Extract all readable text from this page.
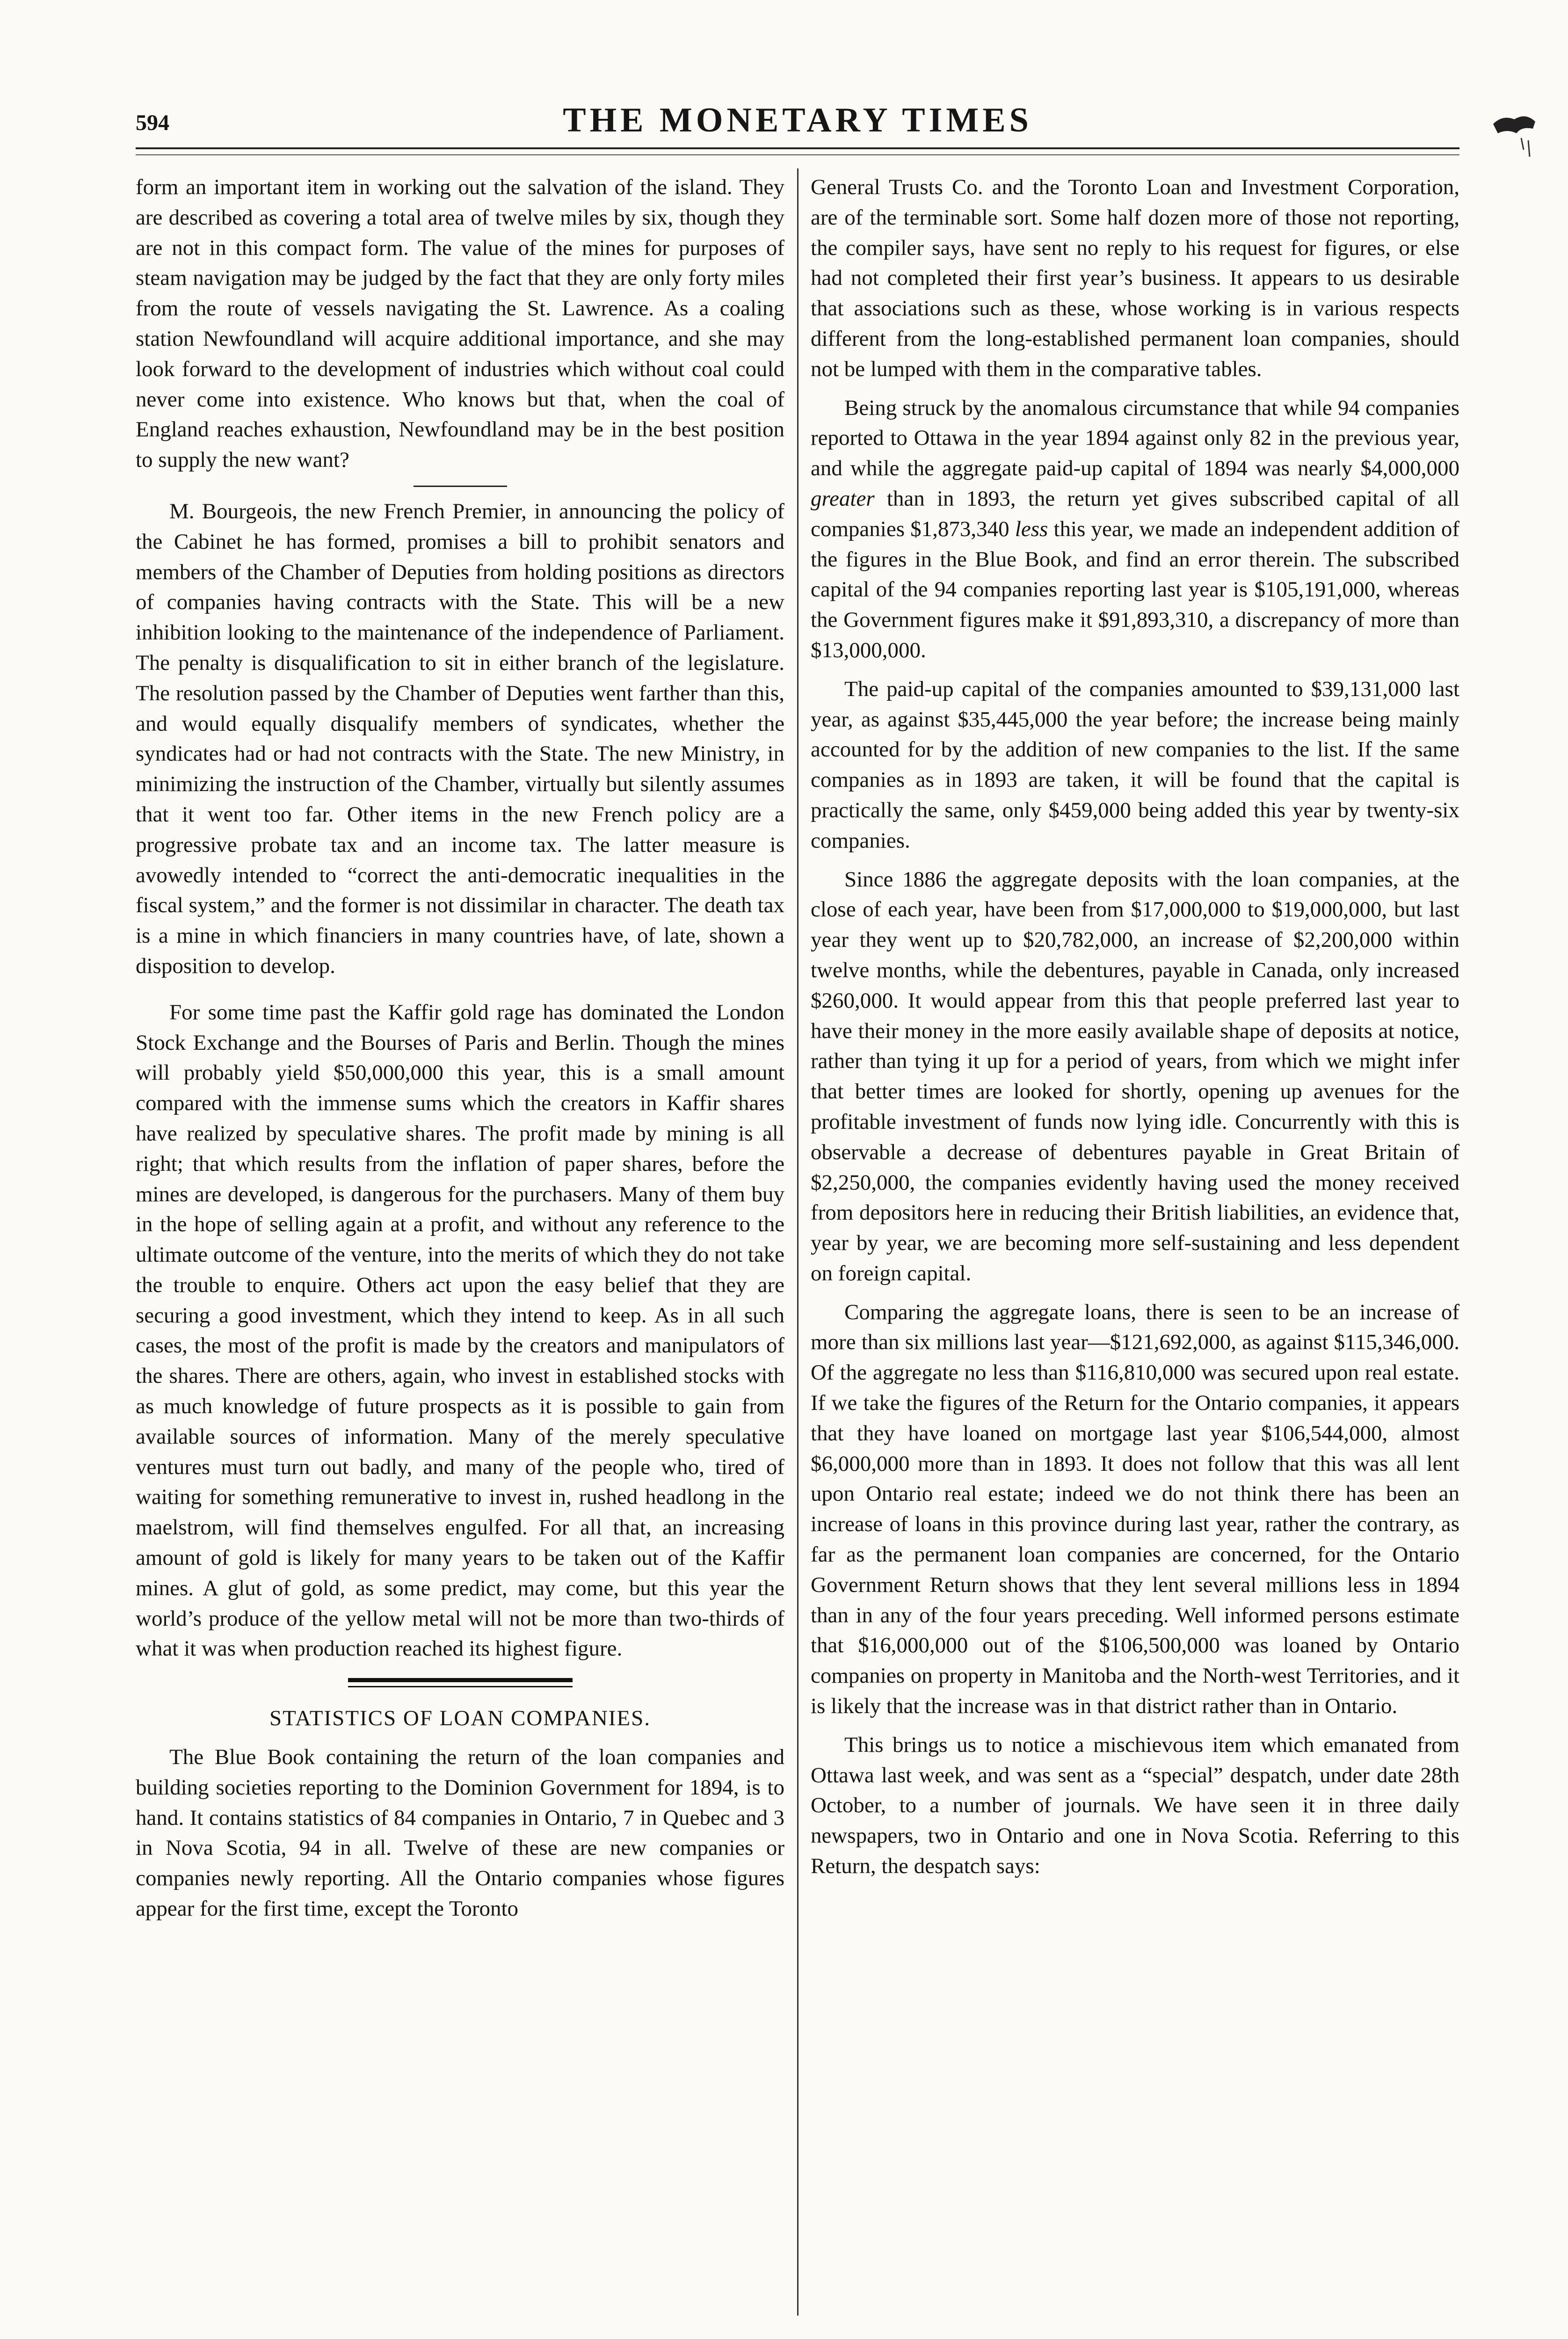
594	THE MONETARY TIMES

form an important item in working out the salvation of the island. They are described as covering a total area of twelve miles by six, though they are not in this compact form. The value of the mines for purposes of steam navigation may be judged by the fact that they are only forty miles from the route of vessels navigating the St. Lawrence. As a coaling station Newfoundland will acquire additional importance, and she may look forward to the development of industries which without coal could never come into existence. Who knows but that, when the coal of England reaches exhaustion, Newfoundland may be in the best position to supply the new want?

M. Bourgeois, the new French Premier, in announcing the policy of the Cabinet he has formed, promises a bill to prohibit senators and members of the Chamber of Deputies from holding positions as directors of companies having contracts with the State. This will be a new inhibition looking to the maintenance of the independence of Parliament. The penalty is disqualification to sit in either branch of the legislature. The resolution passed by the Chamber of Deputies went farther than this, and would equally disqualify members of syndicates, whether the syndicates had or had not contracts with the State. The new Ministry, in minimizing the instruction of the Chamber, virtually but silently assumes that it went too far. Other items in the new French policy are a progressive probate tax and an income tax. The latter measure is avowedly intended to “correct the anti-democratic inequalities in the fiscal system,” and the former is not dissimilar in character. The death tax is a mine in which financiers in many countries have, of late, shown a disposition to develop.

For some time past the Kaffir gold rage has dominated the London Stock Exchange and the Bourses of Paris and Berlin. Though the mines will probably yield $50,000,000 this year, this is a small amount compared with the immense sums which the creators in Kaffir shares have realized by speculative shares. The profit made by mining is all right; that which results from the inflation of paper shares, before the mines are developed, is dangerous for the purchasers. Many of them buy in the hope of selling again at a profit, and without any reference to the ultimate outcome of the venture, into the merits of which they do not take the trouble to enquire. Others act upon the easy belief that they are securing a good investment, which they intend to keep. As in all such cases, the most of the profit is made by the creators and manipulators of the shares. There are others, again, who invest in established stocks with as much knowledge of future prospects as it is possible to gain from available sources of information. Many of the merely speculative ventures must turn out badly, and many of the people who, tired of waiting for something remunerative to invest in, rushed headlong in the maelstrom, will find themselves engulfed. For all that, an increasing amount of gold is likely for many years to be taken out of the Kaffir mines. A glut of gold, as some predict, may come, but this year the world’s produce of the yellow metal will not be more than two-thirds of what it was when production reached its highest figure.

STATISTICS OF LOAN COMPANIES.

The Blue Book containing the return of the loan companies and building societies reporting to the Dominion Government for 1894, is to hand. It contains statistics of 84 companies in Ontario, 7 in Quebec and 3 in Nova Scotia, 94 in all. Twelve of these are new companies or companies newly reporting. All the Ontario companies whose figures appear for the first time, except the Toronto

General Trusts Co. and the Toronto Loan and Investment Corporation, are of the terminable sort. Some half dozen more of those not reporting, the compiler says, have sent no reply to his request for figures, or else had not completed their first year’s business. It appears to us desirable that associations such as these, whose working is in various respects different from the long-established permanent loan companies, should not be lumped with them in the comparative tables.

Being struck by the anomalous circumstance that while 94 companies reported to Ottawa in the year 1894 against only 82 in the previous year, and while the aggregate paid-up capital of 1894 was nearly $4,000,000 greater than in 1893, the return yet gives subscribed capital of all companies $1,873,340 less this year, we made an independent addition of the figures in the Blue Book, and find an error therein. The subscribed capital of the 94 companies reporting last year is $105,191,000, whereas the Government figures make it $91,893,310, a discrepancy of more than $13,000,000.

The paid-up capital of the companies amounted to $39,131,000 last year, as against $35,445,000 the year before; the increase being mainly accounted for by the addition of new companies to the list. If the same companies as in 1893 are taken, it will be found that the capital is practically the same, only $459,000 being added this year by twenty-six companies.

Since 1886 the aggregate deposits with the loan companies, at the close of each year, have been from $17,000,000 to $19,000,000, but last year they went up to $20,782,000, an increase of $2,200,000 within twelve months, while the debentures, payable in Canada, only increased $260,000. It would appear from this that people preferred last year to have their money in the more easily available shape of deposits at notice, rather than tying it up for a period of years, from which we might infer that better times are looked for shortly, opening up avenues for the profitable investment of funds now lying idle. Concurrently with this is observable a decrease of debentures payable in Great Britain of $2,250,000, the companies evidently having used the money received from depositors here in reducing their British liabilities, an evidence that, year by year, we are becoming more self-sustaining and less dependent on foreign capital.

Comparing the aggregate loans, there is seen to be an increase of more than six millions last year—$121,692,000, as against $115,346,000. Of the aggregate no less than $116,810,000 was secured upon real estate. If we take the figures of the Return for the Ontario companies, it appears that they have loaned on mortgage last year $106,544,000, almost $6,000,000 more than in 1893. It does not follow that this was all lent upon Ontario real estate; indeed we do not think there has been an increase of loans in this province during last year, rather the contrary, as far as the permanent loan companies are concerned, for the Ontario Government Return shows that they lent several millions less in 1894 than in any of the four years preceding. Well informed persons estimate that $16,000,000 out of the $106,500,000 was loaned by Ontario companies on property in Manitoba and the North-west Territories, and it is likely that the increase was in that district rather than in Ontario.

This brings us to notice a mischievous item which emanated from Ottawa last week, and was sent as a “special” despatch, under date 28th October, to a number of journals. We have seen it in three daily newspapers, two in Ontario and one in Nova Scotia. Referring to this Return, the despatch says:
